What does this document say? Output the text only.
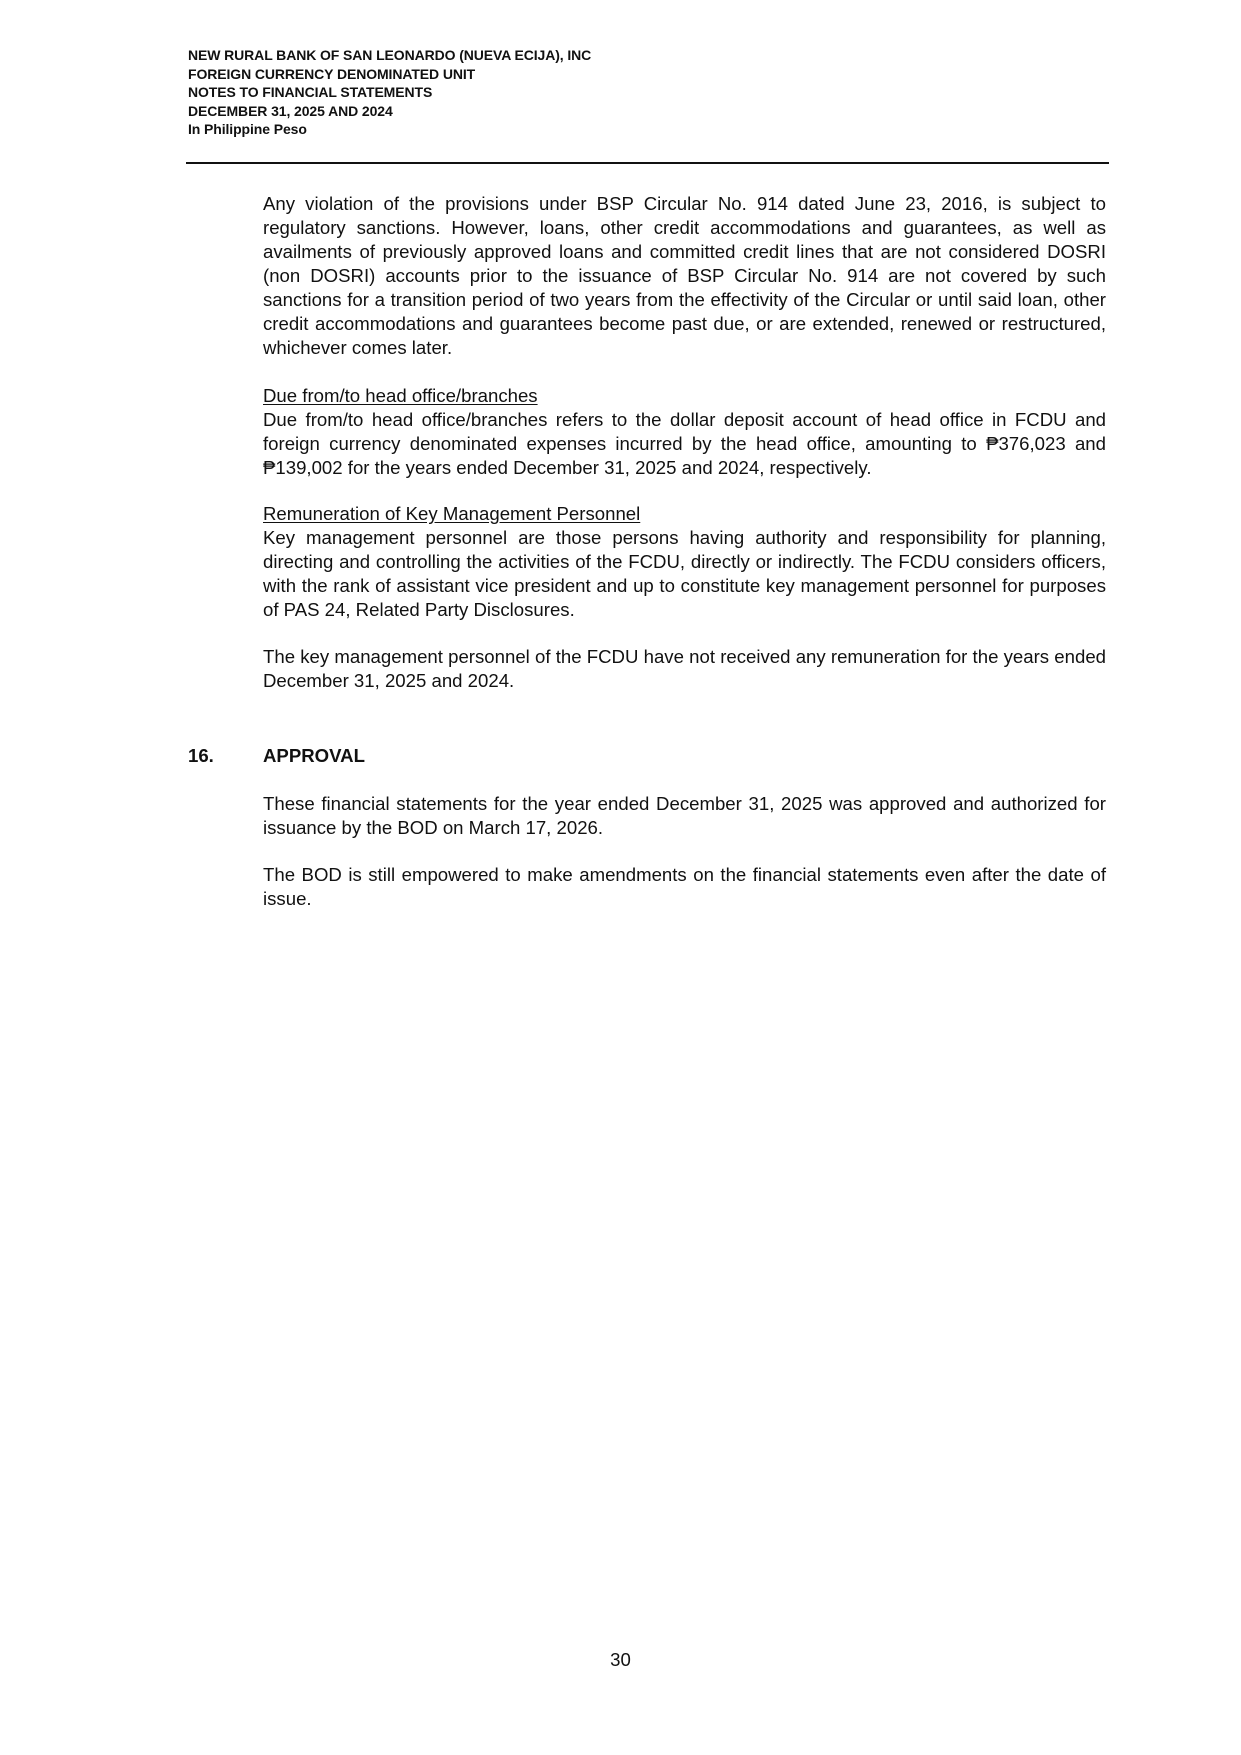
NEW RURAL BANK OF SAN LEONARDO (NUEVA ECIJA), INC
FOREIGN CURRENCY DENOMINATED UNIT
NOTES TO FINANCIAL STATEMENTS
DECEMBER 31, 2025 AND 2024
In Philippine Peso

Any violation of the provisions under BSP Circular No. 914 dated June 23, 2016, is subject to regulatory sanctions. However, loans, other credit accommodations and guarantees, as well as availments of previously approved loans and committed credit lines that are not considered DOSRI (non DOSRI) accounts prior to the issuance of BSP Circular No. 914 are not covered by such sanctions for a transition period of two years from the effectivity of the Circular or until said loan, other credit accommodations and guarantees become past due, or are extended, renewed or restructured, whichever comes later.

Due from/to head office/branches

Due from/to head office/branches refers to the dollar deposit account of head office in FCDU and foreign currency denominated expenses incurred by the head office, amounting to ₱376,023 and ₱139,002 for the years ended December 31, 2025 and 2024, respectively.

Remuneration of Key Management Personnel

Key management personnel are those persons having authority and responsibility for planning, directing and controlling the activities of the FCDU, directly or indirectly. The FCDU considers officers, with the rank of assistant vice president and up to constitute key management personnel for purposes of PAS 24, Related Party Disclosures.

The key management personnel of the FCDU have not received any remuneration for the years ended December 31, 2025 and 2024.

16.	APPROVAL

These financial statements for the year ended December 31, 2025 was approved and authorized for issuance by the BOD on March 17, 2026.

The BOD is still empowered to make amendments on the financial statements even after the date of issue.

30
